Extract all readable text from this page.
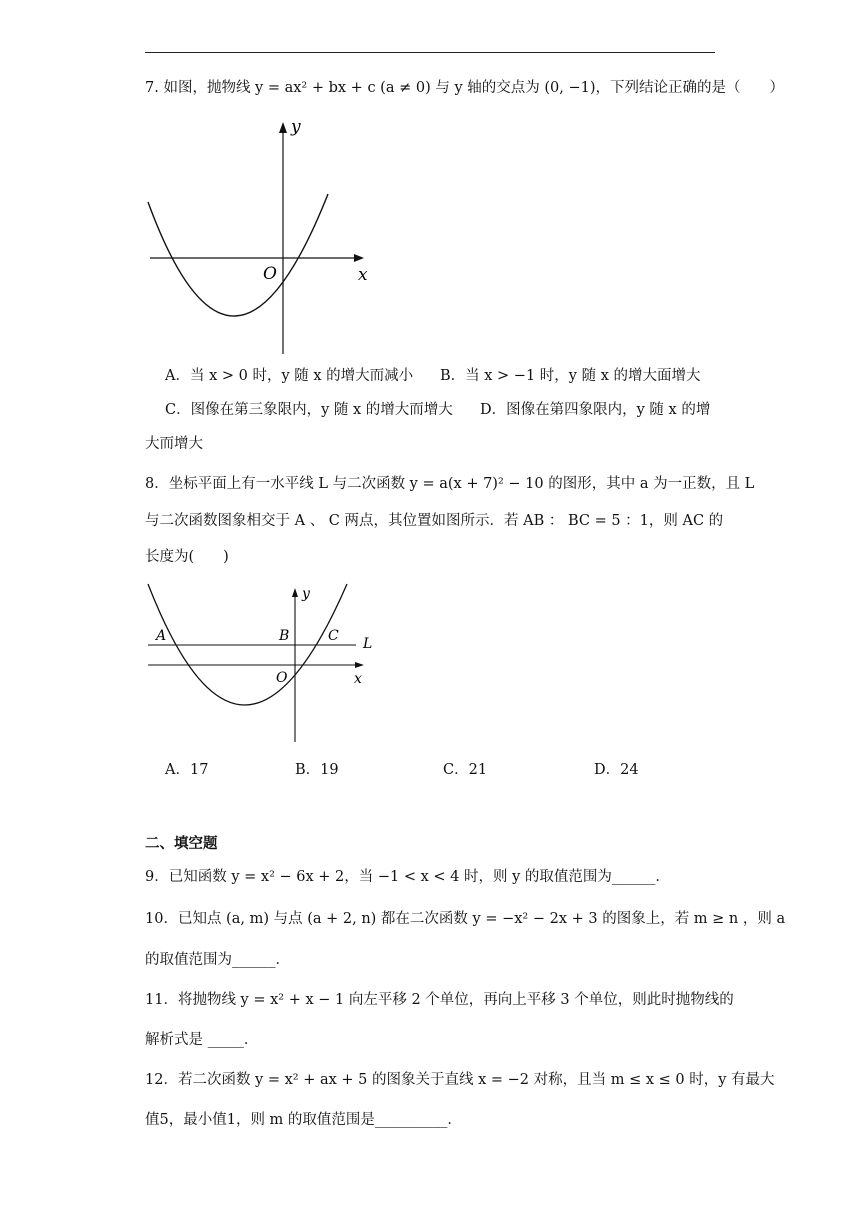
7. 如图，抛物线 y = ax² + bx + c (a ≠ 0) 与 y 轴的交点为 (0, −1)，下列结论正确的是（　　）
x
y
O
A．当 x > 0 时，y 随 x 的增大而减小 B．当 x > −1 时，y 随 x 的增大面增大
C．图像在第三象限内，y 随 x 的增大而增大 D．图像在第四象限内，y 随 x 的增
大而增大
8．坐标平面上有一水平线 L 与二次函数 y = a(x + 7)² − 10 的图形，其中 a 为一正数，且 L
与二次函数图象相交于 A 、 C 两点，其位置如图所示．若 AB ： BC = 5 ：1，则 AC 的
长度为(　　)
A	B	C L
x
y
O
A．17	B．19	C．21	D．24
二、填空题
9．已知函数 y = x² − 6x + 2，当 −1 < x < 4 时，则 y 的取值范围为______．
10．已知点 (a, m) 与点 (a + 2, n) 都在二次函数 y = −x² − 2x + 3 的图象上，若 m ≥ n ，则 a
的取值范围为______．
11．将抛物线 y = x² + x − 1 向左平移 2 个单位，再向上平移 3 个单位，则此时抛物线的
解析式是 _____．
12．若二次函数 y = x² + ax + 5 的图象关于直线 x = −2 对称，且当 m ≤ x ≤ 0 时，y 有最大
值5，最小值1，则 m 的取值范围是__________．
